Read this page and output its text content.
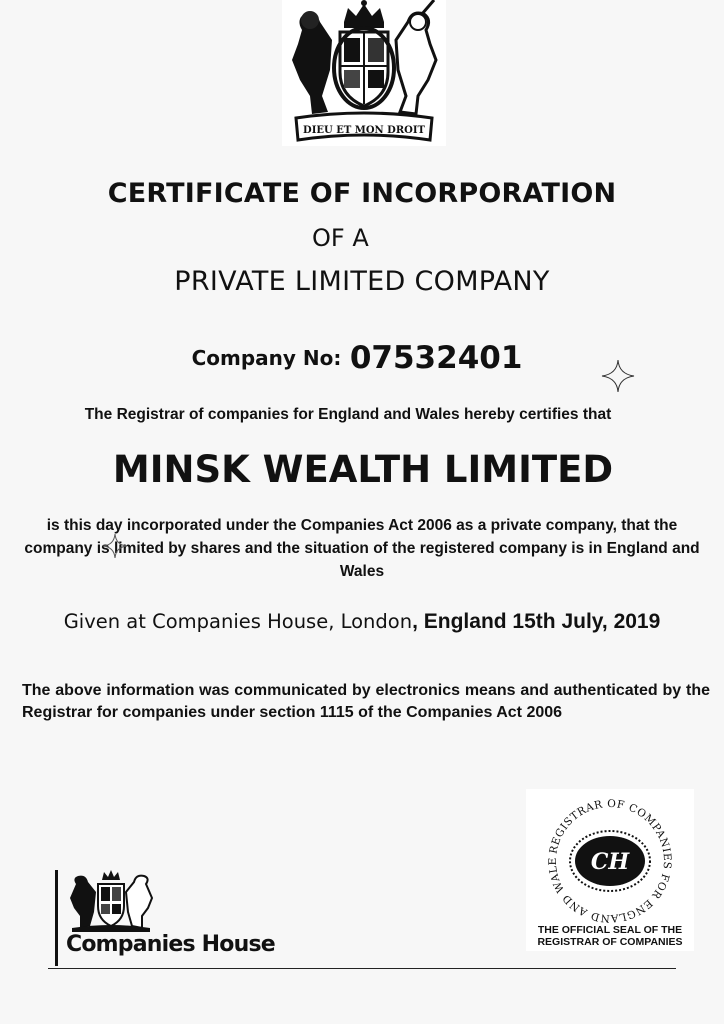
DIEU ET MON DROIT
CERTIFICATE OF INCORPORATION
OF A
PRIVATE LIMITED COMPANY
Company No: 07532401
The Registrar of companies for England and Wales hereby certifies that
MINSK WEALTH LIMITED
is this day incorporated under the Companies Act 2006 as a private company, that the company is limited by shares and the situation of the registered company is in England and Wales
Given at Companies House, London, England 15th July, 2019
The above information was communicated by electronics means and authenticated by the Registrar for companies under section 1115 of the Companies Act 2006
REGISTRAR OF COMPANIES FOR ENGLAND AND WALE	CH
THE OFFICIAL SEAL OF THE
REGISTRAR OF COMPANIES
Companies House
